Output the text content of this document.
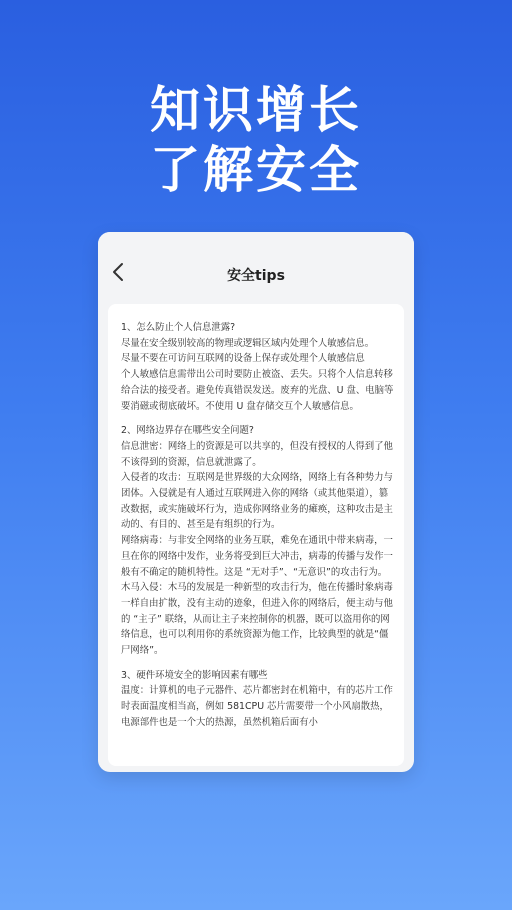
知识增长
了解安全
安全tips

1、怎么防止个人信息泄露?

尽量在安全级别较高的物理或逻辑区域内处理个人敏感信息。

尽量不要在可访问互联网的设备上保存或处理个人敏感信息

个人敏感信息需带出公司时要防止被盗、丢失。只将个人信息转移给合法的接受者。避免传真错误发送。废弃的光盘、U 盘、电脑等要消磁或彻底破坏。不使用 U 盘存储交互个人敏感信息。

2、网络边界存在哪些安全问题?

信息泄密：网络上的资源是可以共享的，但没有授权的人得到了他不该得到的资源，信息就泄露了。

入侵者的攻击：互联网是世界级的大众网络，网络上有各种势力与团体。入侵就是有人通过互联网进入你的网络（或其他渠道），篡改数据，或实施破坏行为，造成你网络业务的瘫痪，这种攻击是主动的、有目的、甚至是有组织的行为。

网络病毒：与非安全网络的业务互联，难免在通讯中带来病毒，一旦在你的网络中发作，业务将受到巨大冲击，病毒的传播与发作一般有不确定的随机特性。这是 “无对手”、“无意识”的攻击行为。

木马入侵：木马的发展是一种新型的攻击行为，他在传播时象病毒一样自由扩散，没有主动的迹象，但进入你的网络后，便主动与他的 “主子” 联络，从而让主子来控制你的机器，既可以盗用你的网络信息，也可以利用你的系统资源为他工作，比较典型的就是“僵尸网络”。

3、硬件环境安全的影响因素有哪些

温度：计算机的电子元器件、芯片都密封在机箱中，有的芯片工作时表面温度相当高，例如 581CPU 芯片需要带一个小风扇散热，电源部件也是一个大的热源，虽然机箱后面有小
